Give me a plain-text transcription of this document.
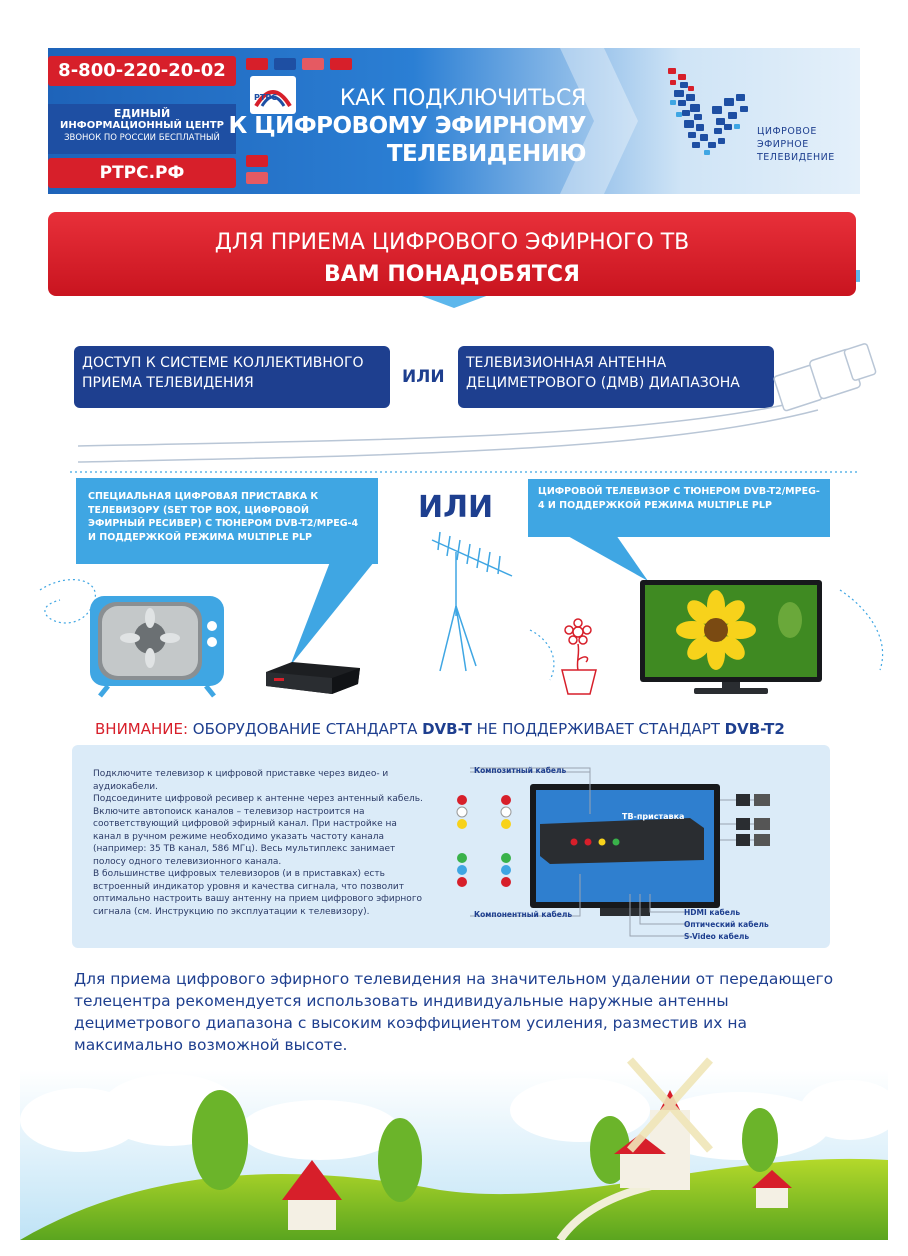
8-800-220-20-02
ЕДИНЫЙ
ИНФОРМАЦИОННЫЙ ЦЕНТР
ЗВОНОК ПО РОССИИ БЕСПЛАТНЫЙ
РТРС.РФ
РТРС	КАК ПОДКЛЮЧИТЬСЯ
К ЦИФРОВОМУ ЭФИРНОМУ
ТЕЛЕВИДЕНИЮ
ЦИФРОВОЕ
ЭФИРНОЕ
ТЕЛЕВИДЕНИЕ
ДЛЯ ПРИЕМА ЦИФРОВОГО ЭФИРНОГО ТВ
ВАМ ПОНАДОБЯТСЯ
ДОСТУП К СИСТЕМЕ КОЛЛЕКТИВНОГО ПРИЕМА ТЕЛЕВИДЕНИЯ	ИЛИ
ТЕЛЕВИЗИОННАЯ АНТЕННА ДЕЦИМЕТРОВОГО (ДМВ) ДИАПАЗОНА
СПЕЦИАЛЬНАЯ ЦИФРОВАЯ ПРИСТАВКА К ТЕЛЕВИЗОРУ (SET TOP BOX, ЦИФРОВОЙ ЭФИРНЫЙ РЕСИВЕР) С ТЮНЕРОМ DVB-T2/MPEG-4 И ПОДДЕРЖКОЙ РЕЖИМА MULTIPLE PLP
ИЛИ	ЦИФРОВОЙ ТЕЛЕВИЗОР С ТЮНЕРОМ DVB-T2/MPEG-4 И ПОДДЕРЖКОЙ РЕЖИМА MULTIPLE PLP
ВНИМАНИЕ: ОБОРУДОВАНИЕ СТАНДАРТА DVB-T НЕ ПОДДЕРЖИВАЕТ СТАНДАРТ DVB-T2

Подключите телевизор к цифровой приставке через видео- и аудиокабели.

Подсоедините цифровой ресивер к антенне через антенный кабель.

Включите автопоиск каналов – телевизор настроится на соответствующий цифровой эфирный канал. При настройке на канал в ручном режиме необходимо указать частоту канала (например: 35 ТВ канал, 586 МГц). Весь мультиплекс занимает полосу одного телевизионного канала.

В большинстве цифровых телевизоров (и в приставках) есть встроенный индикатор уровня и качества сигнала, что позволит оптимально настроить вашу антенну на прием цифрового эфирного сигнала (см. Инструкцию по эксплуатации к телевизору).

Композитный кабель
Компонентный кабель
ТВ-приставка
HDMI кабель
Оптический кабель
S-Video кабель
Для приема цифрового эфирного телевидения на значительном удалении от передающего телецентра рекомендуется использовать индивидуальные наружные антенны дециметрового диапазона с высоким коэффициентом усиления, разместив их на максимально возможной высоте.
